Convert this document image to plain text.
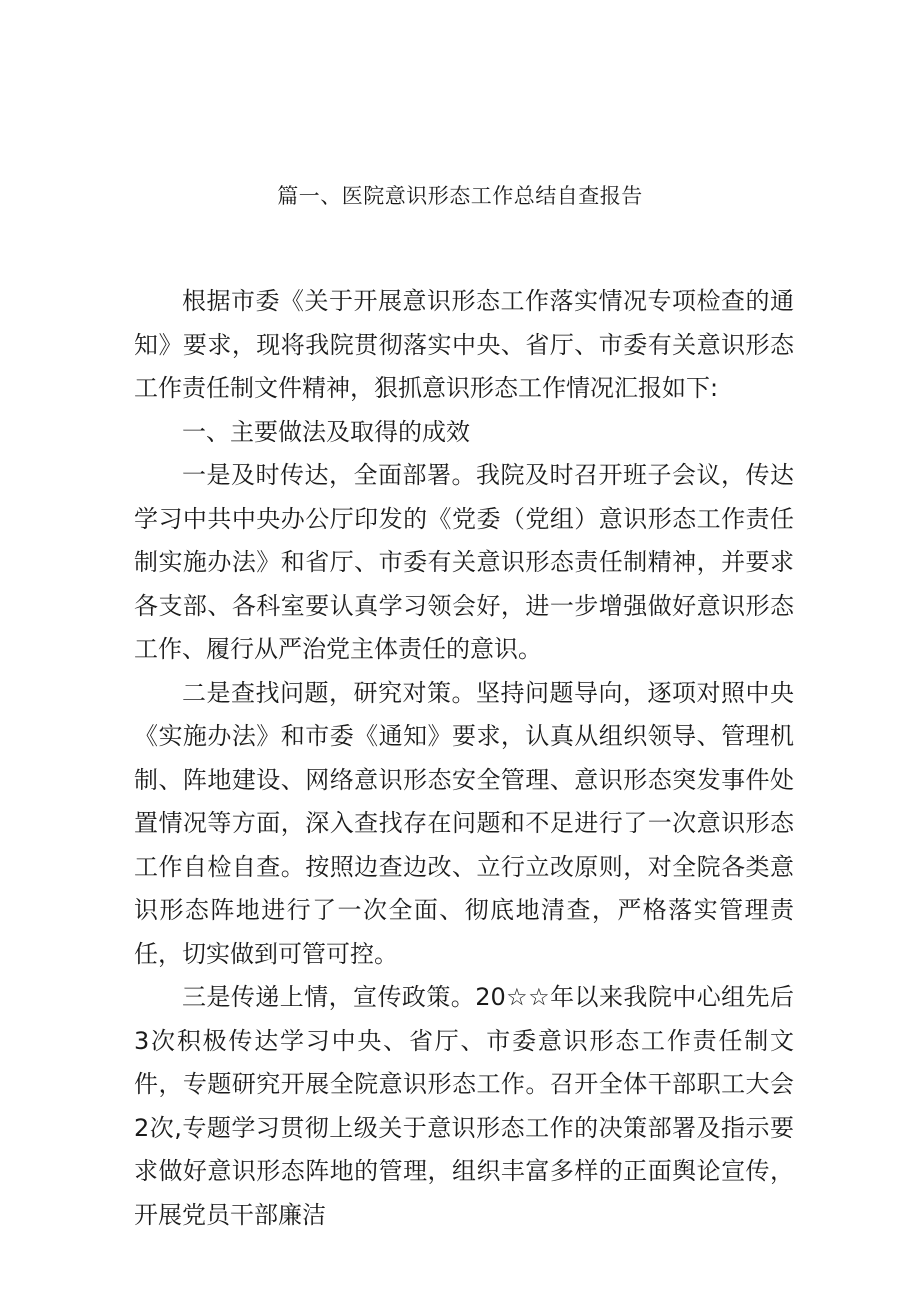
篇一、医院意识形态工作总结自查报告

根据市委《关于开展意识形态工作落实情况专项检查的通知》要求，现将我院贯彻落实中央、省厅、市委有关意识形态工作责任制文件精神，狠抓意识形态工作情况汇报如下:

一、主要做法及取得的成效

一是及时传达，全面部署。我院及时召开班子会议，传达学习中共中央办公厅印发的《党委（党组）意识形态工作责任制实施办法》和省厅、市委有关意识形态责任制精神，并要求各支部、各科室要认真学习领会好，进一步增强做好意识形态工作、履行从严治党主体责任的意识。

二是查找问题，研究对策。坚持问题导向，逐项对照中央《实施办法》和市委《通知》要求，认真从组织领导、管理机制、阵地建设、网络意识形态安全管理、意识形态突发事件处置情况等方面，深入查找存在问题和不足进行了一次意识形态工作自检自查。按照边查边改、立行立改原则，对全院各类意识形态阵地进行了一次全面、彻底地清查，严格落实管理责任，切实做到可管可控。

三是传递上情，宣传政策。20☆☆年以来我院中心组先后3次积极传达学习中央、省厅、市委意识形态工作责任制文件，专题研究开展全院意识形态工作。召开全体干部职工大会2次,专题学习贯彻上级关于意识形态工作的决策部署及指示要求做好意识形态阵地的管理，组织丰富多样的正面舆论宣传，开展党员干部廉洁
